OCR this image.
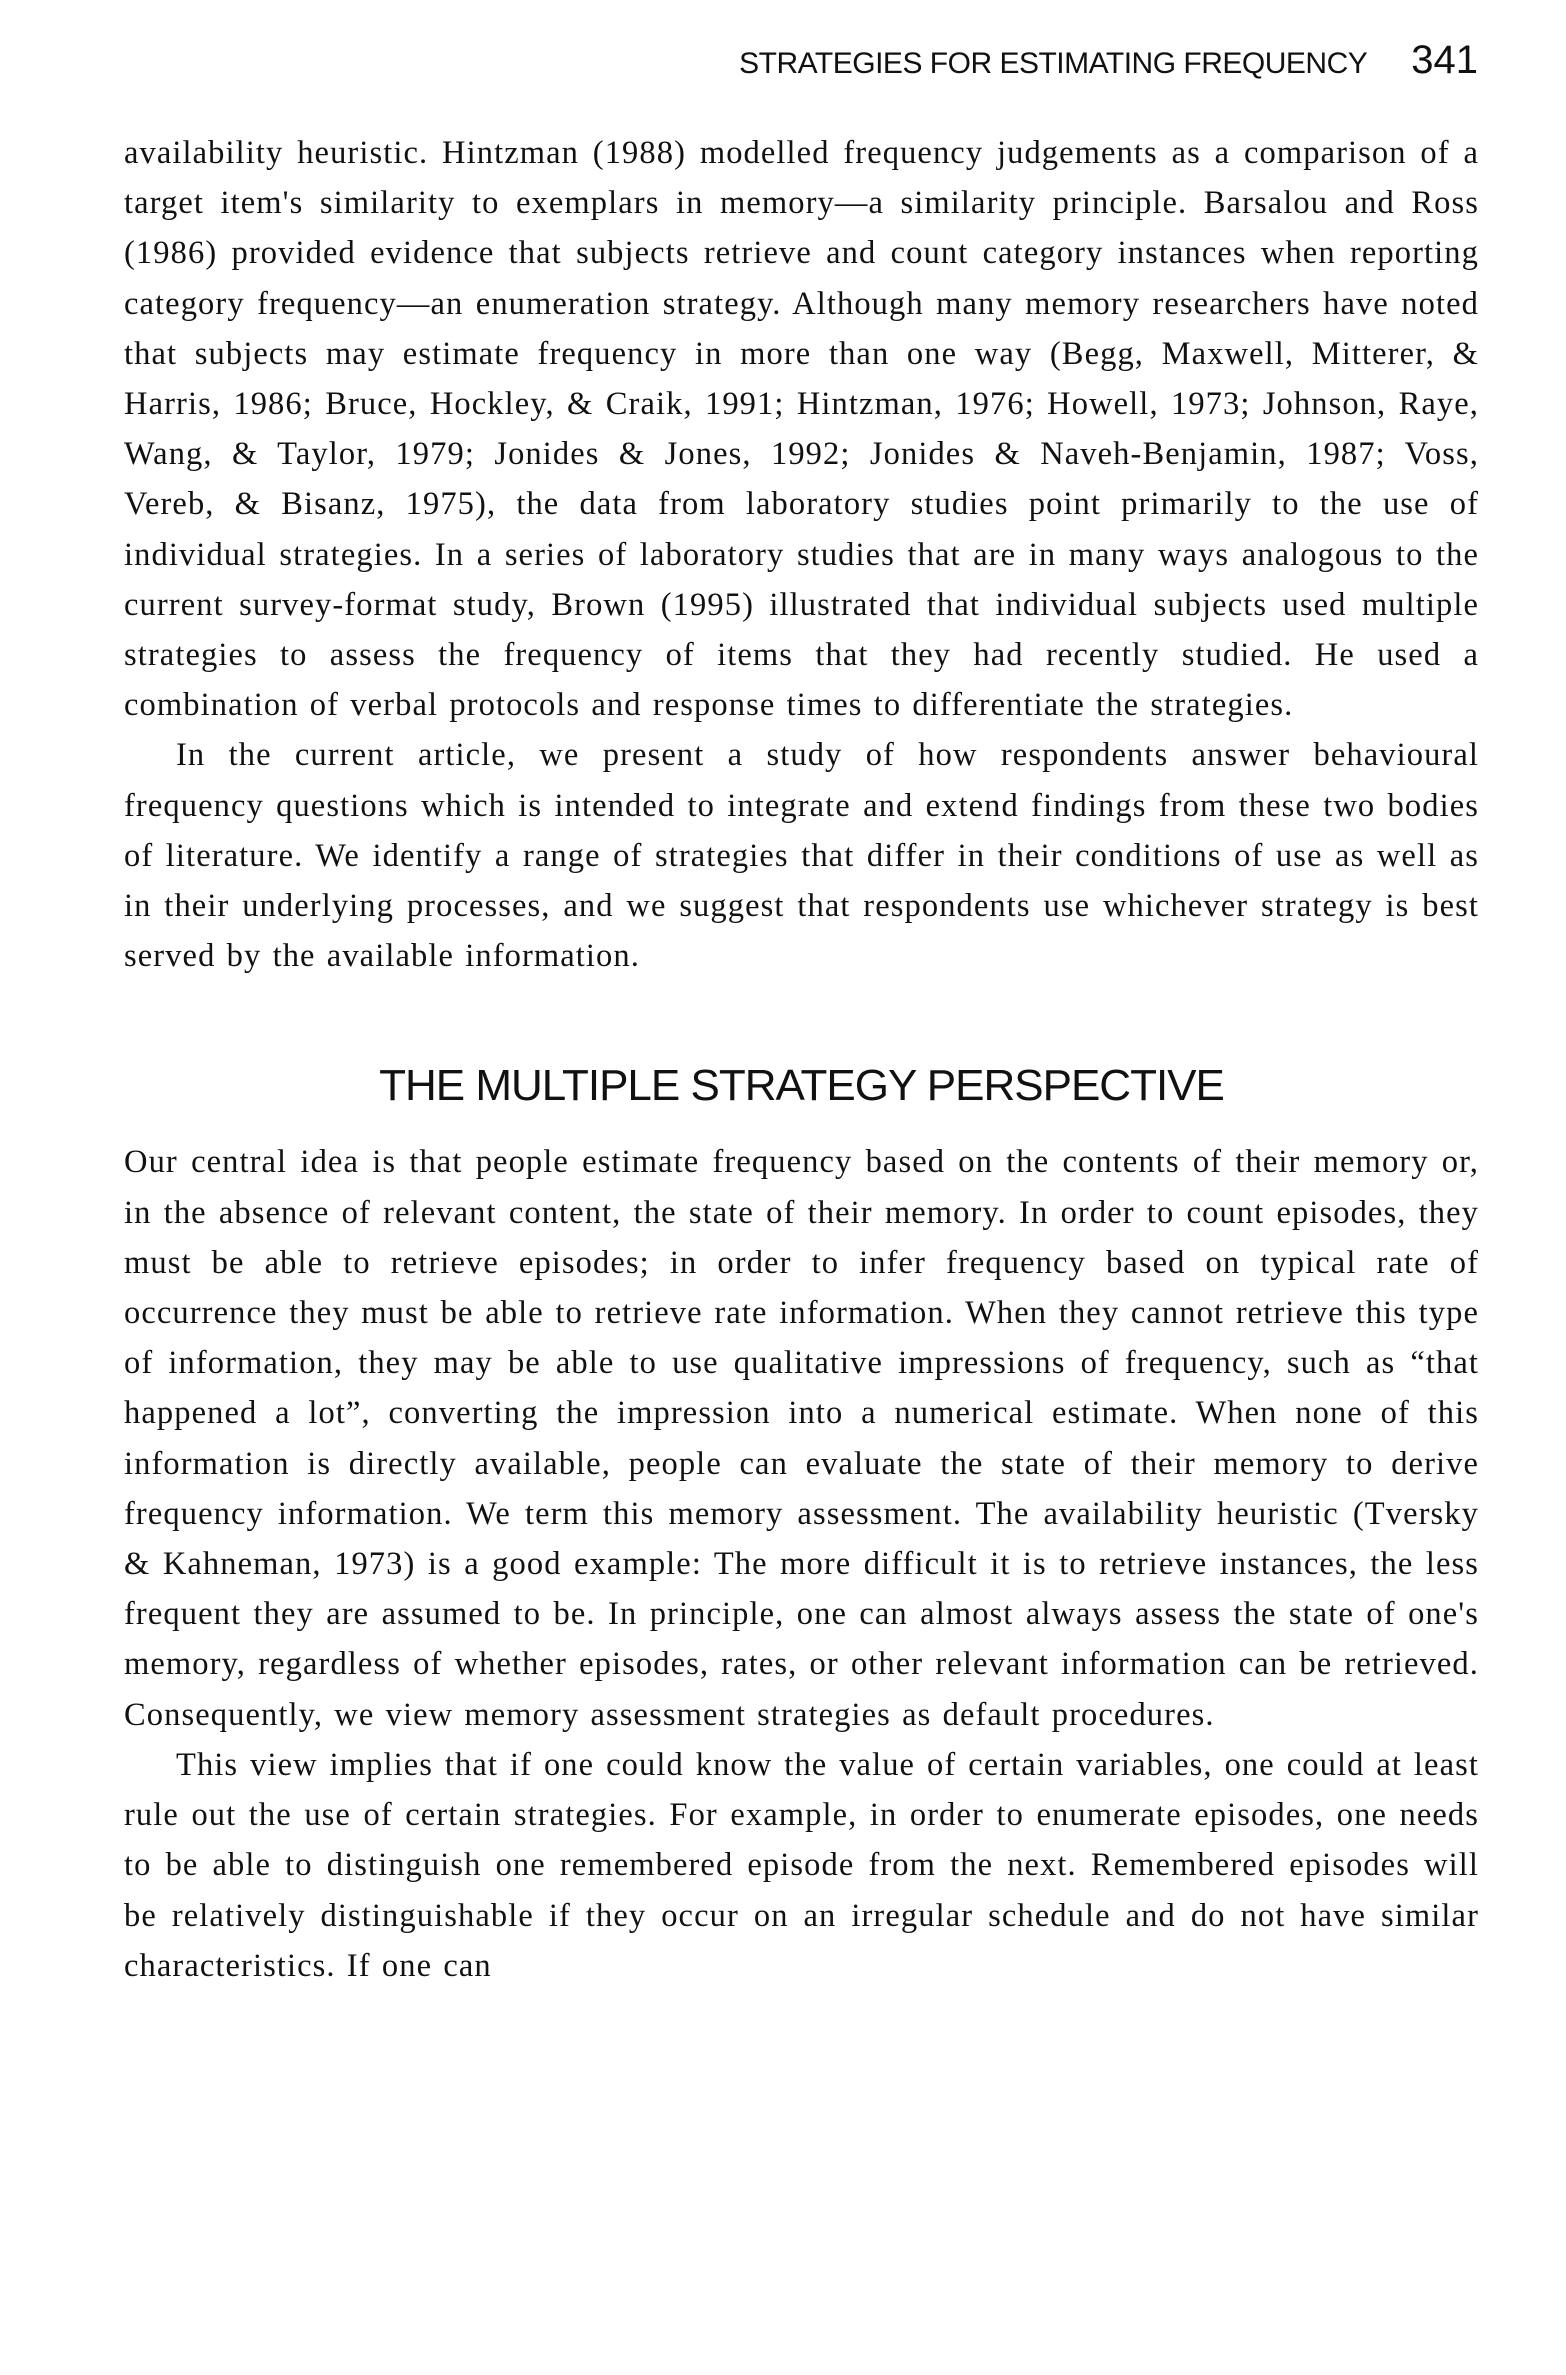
STRATEGIES FOR ESTIMATING FREQUENCY 341

availability heuristic. Hintzman (1988) modelled frequency judgements as a comparison of a target item's similarity to exemplars in memory—a similarity principle. Barsalou and Ross (1986) provided evidence that subjects retrieve and count category instances when reporting category frequency—an enumeration strategy. Although many memory researchers have noted that subjects may estimate frequency in more than one way (Begg, Maxwell, Mitterer, & Harris, 1986; Bruce, Hockley, & Craik, 1991; Hintzman, 1976; Howell, 1973; Johnson, Raye, Wang, & Taylor, 1979; Jonides & Jones, 1992; Jonides & Naveh-Benjamin, 1987; Voss, Vereb, & Bisanz, 1975), the data from laboratory studies point primarily to the use of individual strategies. In a series of laboratory studies that are in many ways analogous to the current survey-format study, Brown (1995) illustrated that individual subjects used multiple strategies to assess the frequency of items that they had recently studied. He used a combination of verbal protocols and response times to differentiate the strategies.

In the current article, we present a study of how respondents answer behavioural frequency questions which is intended to integrate and extend findings from these two bodies of literature. We identify a range of strategies that differ in their conditions of use as well as in their underlying processes, and we suggest that respondents use whichever strategy is best served by the available information.

THE MULTIPLE STRATEGY PERSPECTIVE

Our central idea is that people estimate frequency based on the contents of their memory or, in the absence of relevant content, the state of their memory. In order to count episodes, they must be able to retrieve episodes; in order to infer frequency based on typical rate of occurrence they must be able to retrieve rate information. When they cannot retrieve this type of information, they may be able to use qualitative impressions of frequency, such as “that happened a lot”, converting the impression into a numerical estimate. When none of this information is directly available, people can evaluate the state of their memory to derive frequency information. We term this memory assessment. The availability heuristic (Tversky & Kahneman, 1973) is a good example: The more difficult it is to retrieve instances, the less frequent they are assumed to be. In principle, one can almost always assess the state of one's memory, regardless of whether episodes, rates, or other relevant information can be retrieved. Consequently, we view memory assessment strategies as default procedures.

This view implies that if one could know the value of certain variables, one could at least rule out the use of certain strategies. For example, in order to enumerate episodes, one needs to be able to distinguish one remembered episode from the next. Remembered episodes will be relatively distinguishable if they occur on an irregular schedule and do not have similar characteristics. If one can
